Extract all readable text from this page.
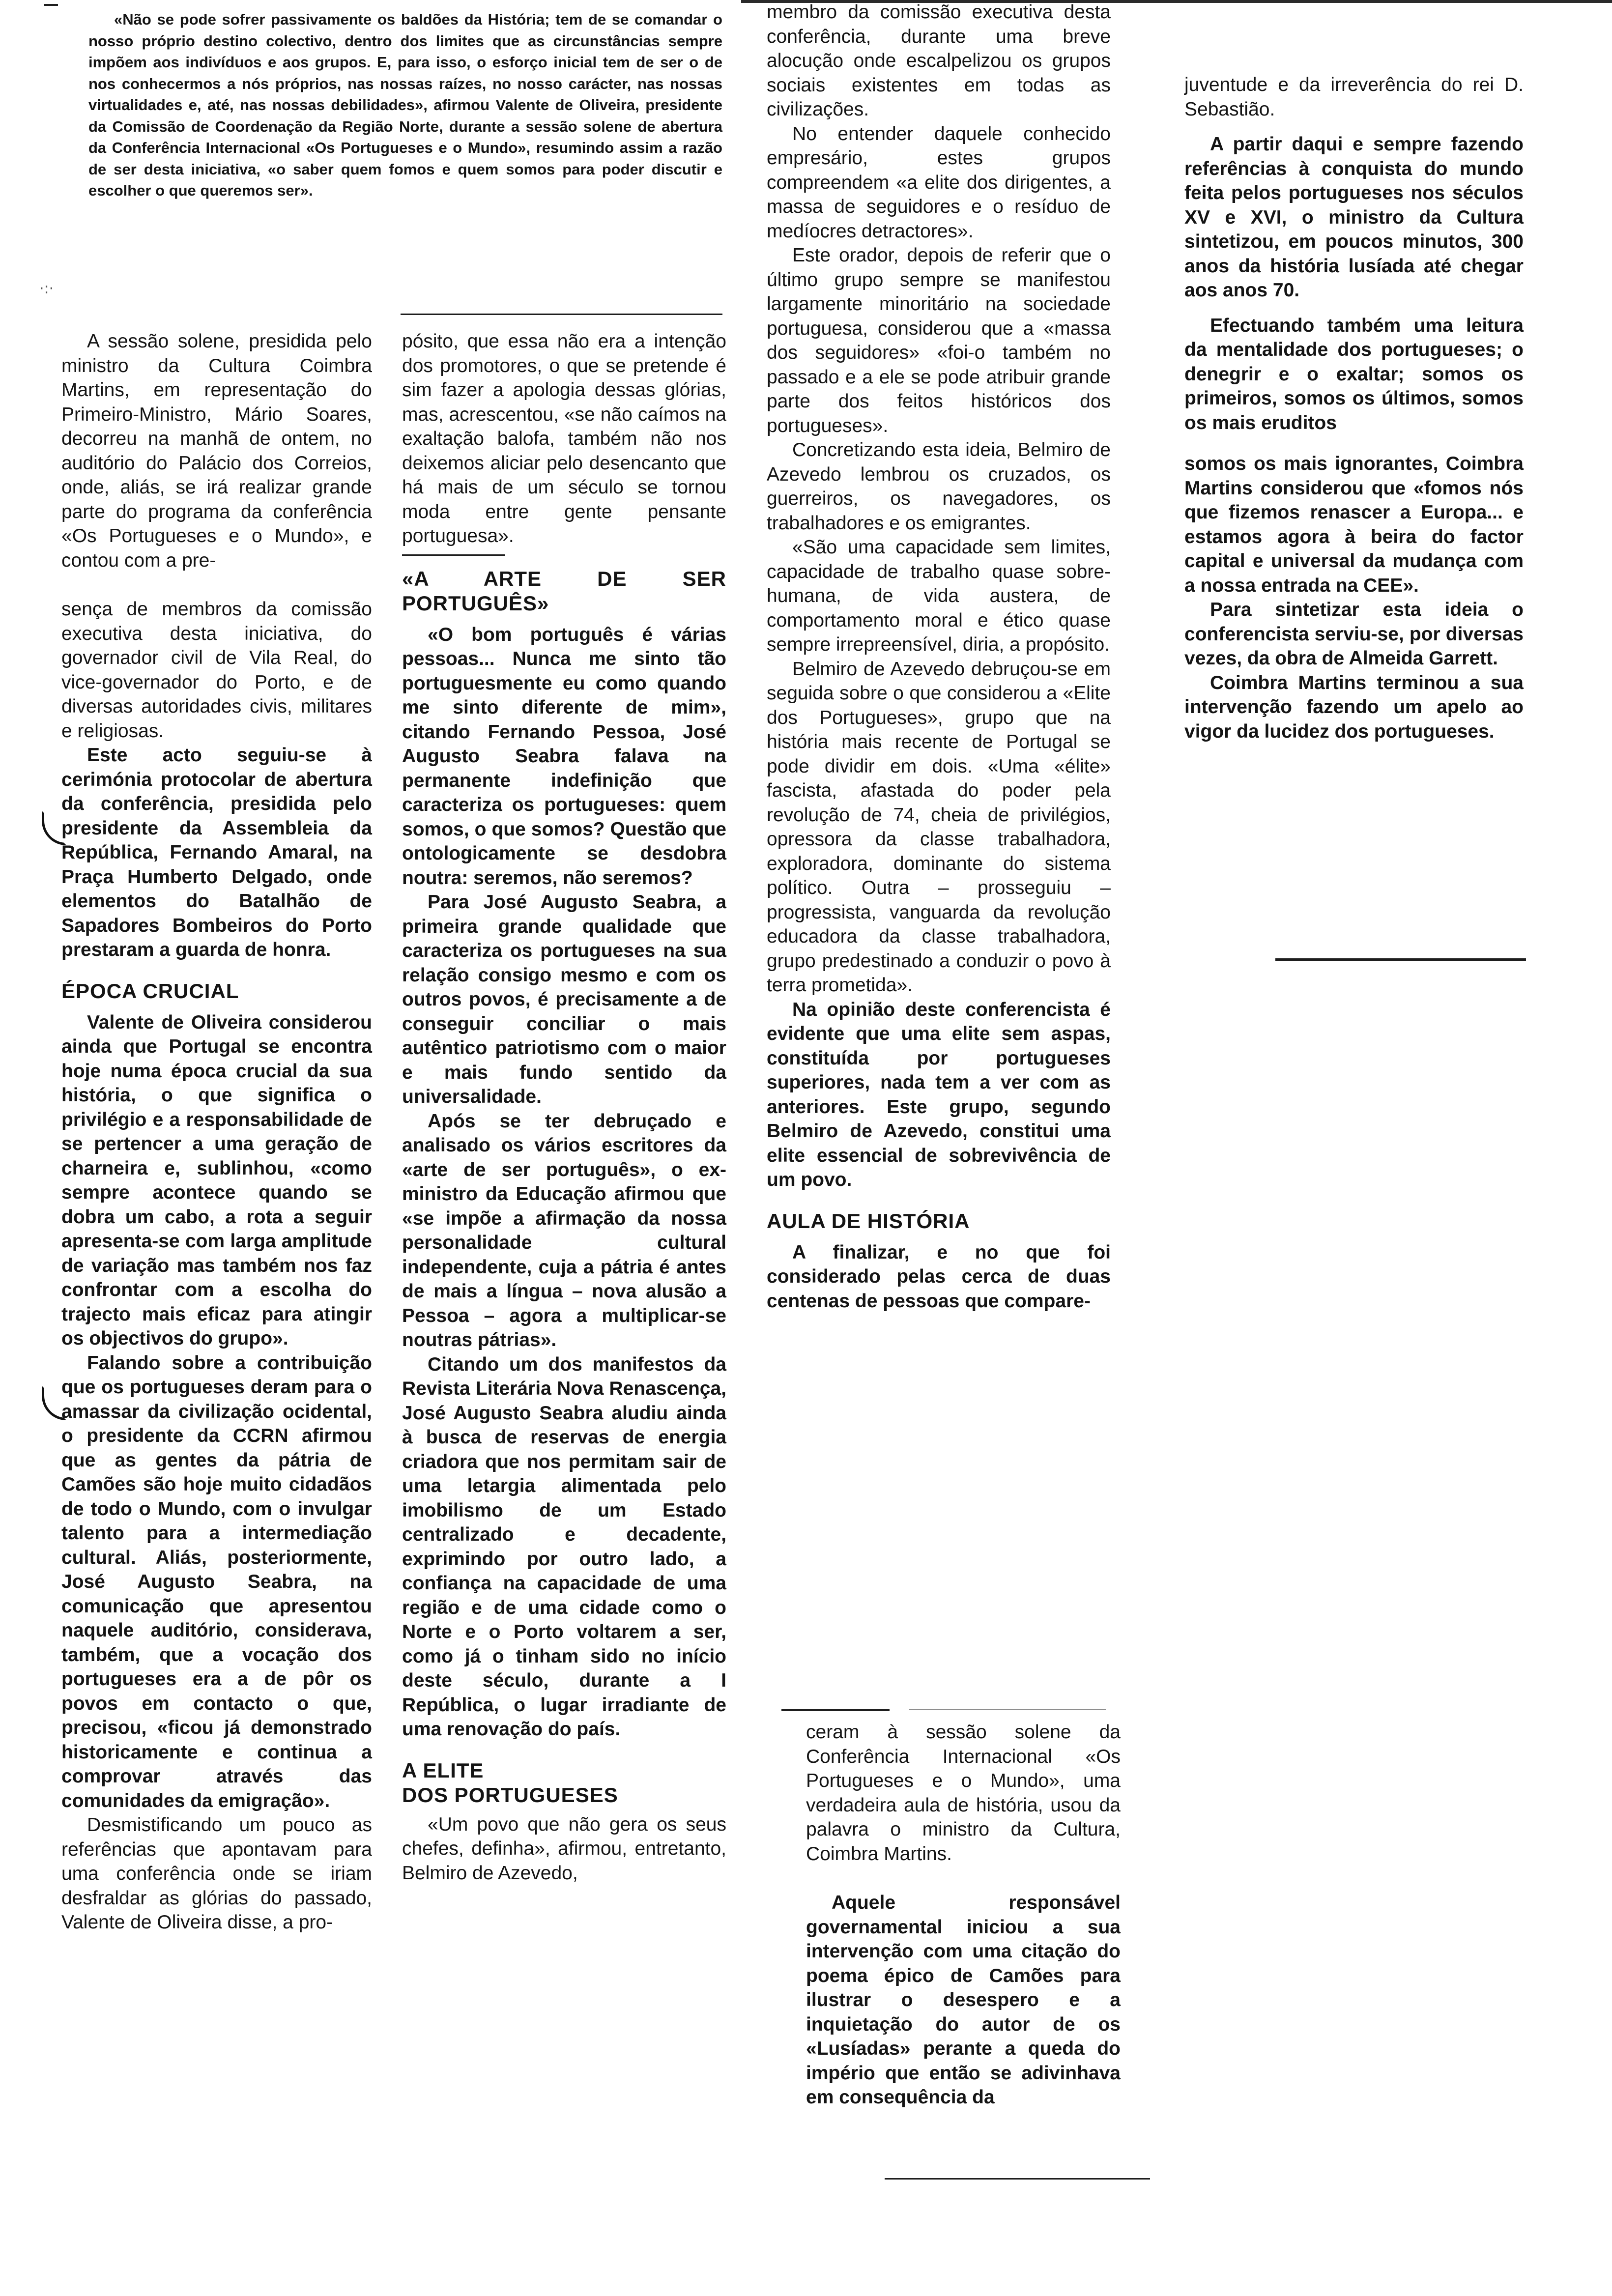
«Não se pode sofrer passivamente os baldões da História; tem de se comandar o nosso próprio destino colectivo, dentro dos limites que as circunstâncias sempre impõem aos indivíduos e aos grupos. E, para isso, o esforço inicial tem de ser o de nos conhecermos a nós próprios, nas nossas raízes, no nosso carácter, nas nossas virtualidades e, até, nas nossas debilidades», afirmou Valente de Oliveira, presidente da Comissão de Coordenação da Região Norte, durante a sessão solene de abertura da Conferência Internacional «Os Portugueses e o Mundo», resumindo assim a razão de ser desta iniciativa, «o saber quem fomos e quem somos para poder discutir e escolher o que queremos ser».

·:·

A sessão solene, presidida pelo ministro da Cultura Coimbra Martins, em representação do Primeiro-Ministro, Mário Soares, decorreu na manhã de ontem, no auditório do Palácio dos Correios, onde, aliás, se irá realizar grande parte do programa da conferência «Os Portugueses e o Mundo», e contou com a pre-

sença de membros da comissão executiva desta iniciativa, do governador civil de Vila Real, do vice-governador do Porto, e de diversas autoridades civis, militares e religiosas.

Este acto seguiu-se à cerimónia protocolar de abertura da conferência, presidida pelo presidente da Assembleia da República, Fernando Amaral, na Praça Humberto Delgado, onde elementos do Batalhão de Sapadores Bombeiros do Porto prestaram a guarda de honra.

ÉPOCA CRUCIAL

Valente de Oliveira considerou ainda que Portugal se encontra hoje numa época crucial da sua história, o que significa o privilégio e a responsabilidade de se pertencer a uma geração de charneira e, sublinhou, «como sempre acontece quando se dobra um cabo, a rota a seguir apresenta-se com larga amplitude de variação mas também nos faz confrontar com a escolha do trajecto mais eficaz para atingir os objectivos do grupo».

Falando sobre a contribuição que os portugueses deram para o amassar da civilização ocidental, o presidente da CCRN afirmou que as gentes da pátria de Camões são hoje muito cidadãos de todo o Mundo, com o invulgar talento para a intermediação cultural. Aliás, posteriormente, José Augusto Seabra, na comunicação que apresentou naquele auditório, considerava, também, que a vocação dos portugueses era a de pôr os povos em contacto o que, precisou, «ficou já demonstrado historicamente e continua a comprovar através das comunidades da emigração».

Desmistificando um pouco as referências que apontavam para uma conferência onde se iriam desfraldar as glórias do passado, Valente de Oliveira disse, a pro-

pósito, que essa não era a intenção dos promotores, o que se pretende é sim fazer a apologia dessas glórias, mas, acrescentou, «se não caímos na exaltação balofa, também não nos deixemos aliciar pelo desencanto que há mais de um século se tornou moda entre gente pensante portuguesa».

«A ARTE DE SER PORTUGUÊS»

«O bom português é várias pessoas... Nunca me sinto tão portuguesmente eu como quando me sinto diferente de mim», citando Fernando Pessoa, José Augusto Seabra falava na permanente indefinição que caracteriza os portugueses: quem somos, o que somos? Questão que ontologicamente se desdobra noutra: seremos, não seremos?

Para José Augusto Seabra, a primeira grande qualidade que caracteriza os portugueses na sua relação consigo mesmo e com os outros povos, é precisamente a de conseguir conciliar o mais autêntico patriotismo com o maior e mais fundo sentido da universalidade.

Após se ter debruçado e analisado os vários escritores da «arte de ser português», o ex-ministro da Educação afirmou que «se impõe a afirmação da nossa personalidade cultural independente, cuja a pátria é antes de mais a língua – nova alusão a Pessoa – agora a multiplicar-se noutras pátrias».

Citando um dos manifestos da Revista Literária Nova Renascença, José Augusto Seabra aludiu ainda à busca de reservas de energia criadora que nos permitam sair de uma letargia alimentada pelo imobilismo de um Estado centralizado e decadente, exprimindo por outro lado, a confiança na capacidade de uma região e de uma cidade como o Norte e o Porto voltarem a ser, como já o tinham sido no início deste século, durante a I República, o lugar irradiante de uma renovação do país.

A ELITE
DOS PORTUGUESES

«Um povo que não gera os seus chefes, definha», afirmou, entretanto, Belmiro de Azevedo,

membro da comissão executiva desta conferência, durante uma breve alocução onde escalpelizou os grupos sociais existentes em todas as civilizações.

No entender daquele conhecido empresário, estes grupos compreendem «a elite dos dirigentes, a massa de seguidores e o resíduo de medíocres detractores».

Este orador, depois de referir que o último grupo sempre se manifestou largamente minoritário na sociedade portuguesa, considerou que a «massa dos seguidores» «foi-o também no passado e a ele se pode atribuir grande parte dos feitos históricos dos portugueses».

Concretizando esta ideia, Belmiro de Azevedo lembrou os cruzados, os guerreiros, os navegadores, os trabalhadores e os emigrantes.

«São uma capacidade sem limites, capacidade de trabalho quase sobre-humana, de vida austera, de comportamento moral e ético quase sempre irrepreensível, diria, a propósito.

Belmiro de Azevedo debruçou-se em seguida sobre o que considerou a «Elite dos Portugueses», grupo que na história mais recente de Portugal se pode dividir em dois. «Uma «élite» fascista, afastada do poder pela revolução de 74, cheia de privilégios, opressora da classe trabalhadora, exploradora, dominante do sistema político. Outra – prosseguiu – progressista, vanguarda da revolução educadora da classe trabalhadora, grupo predestinado a conduzir o povo à terra prometida».

Na opinião deste conferencista é evidente que uma elite sem aspas, constituída por portugueses superiores, nada tem a ver com as anteriores. Este grupo, segundo Belmiro de Azevedo, constitui uma elite essencial de sobrevivência de um povo.

AULA DE HISTÓRIA

A finalizar, e no que foi considerado pelas cerca de duas centenas de pessoas que compare-

ceram à sessão solene da Conferência Internacional «Os Portugueses e o Mundo», uma verdadeira aula de história, usou da palavra o ministro da Cultura, Coimbra Martins.

Aquele responsável governamental iniciou a sua intervenção com uma citação do poema épico de Camões para ilustrar o desespero e a inquietação do autor de os «Lusíadas» perante a queda do império que então se adivinhava em consequência da

juventude e da irreverência do rei D. Sebastião.

A partir daqui e sempre fazendo referências à conquista do mundo feita pelos portugueses nos séculos XV e XVI, o ministro da Cultura sintetizou, em poucos minutos, 300 anos da história lusíada até chegar aos anos 70.

Efectuando também uma leitura da mentalidade dos portugueses; o denegrir e o exaltar; somos os primeiros, somos os últimos, somos os mais eruditos

somos os mais ignorantes, Coimbra Martins considerou que «fomos nós que fizemos renascer a Europa... e estamos agora à beira do factor capital e universal da mudança com a nossa entrada na CEE».

Para sintetizar esta ideia o conferencista serviu-se, por diversas vezes, da obra de Almeida Garrett.

Coimbra Martins terminou a sua intervenção fazendo um apelo ao vigor da lucidez dos portugueses.
